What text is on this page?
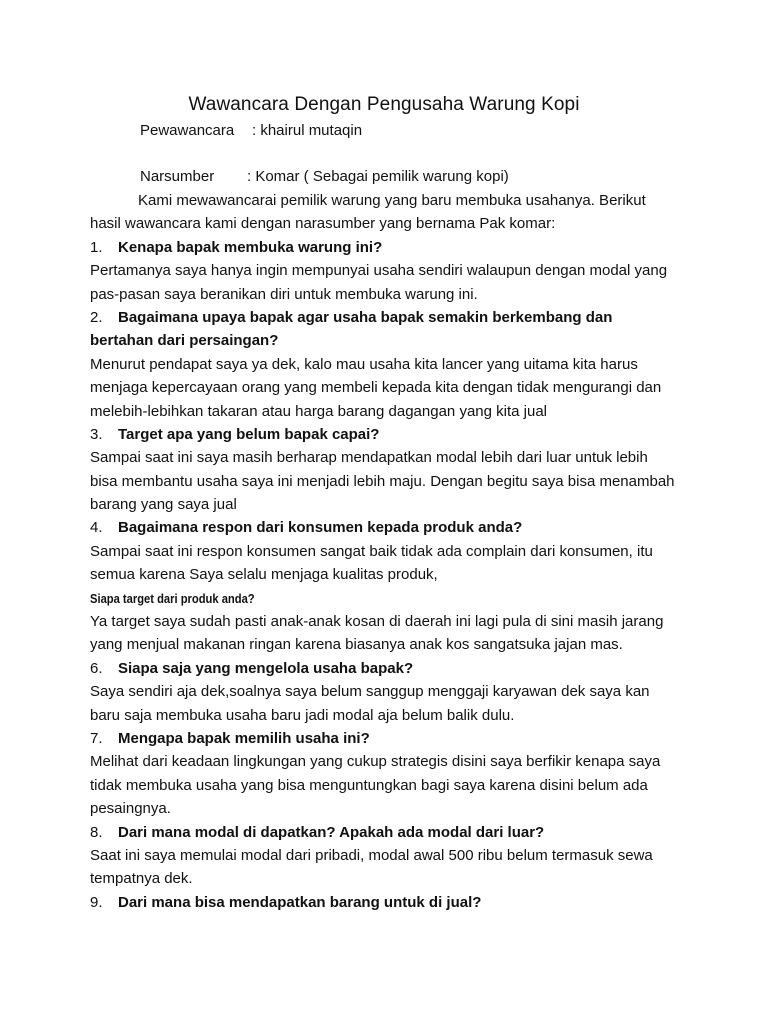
Wawancara Dengan Pengusaha Warung Kopi
Pewawancara : khairul mutaqin
Narsumber : Komar ( Sebagai pemilik warung kopi)
Kami mewawancarai pemilik warung yang baru membuka usahanya. Berikut
hasil wawancara kami dengan narasumber yang bernama Pak komar:
1. Kenapa bapak membuka warung ini?
Pertamanya saya hanya ingin mempunyai usaha sendiri walaupun dengan modal yang
pas-pasan saya beranikan diri untuk membuka warung ini.
2. Bagaimana upaya bapak agar usaha bapak semakin berkembang dan
bertahan dari persaingan?
Menurut pendapat saya ya dek, kalo mau usaha kita lancer yang uitama kita harus
menjaga kepercayaan orang yang membeli kepada kita dengan tidak mengurangi dan
melebih-lebihkan takaran atau harga barang dagangan yang kita jual
3. Target apa yang belum bapak capai?
Sampai saat ini saya masih berharap mendapatkan modal lebih dari luar untuk lebih
bisa membantu usaha saya ini menjadi lebih maju. Dengan begitu saya bisa menambah
barang yang saya jual
4. Bagaimana respon dari konsumen kepada produk anda?
Sampai saat ini respon konsumen sangat baik tidak ada complain dari konsumen, itu
semua karena Saya selalu menjaga kualitas produk,
Siapa target dari produk anda?
Ya target saya sudah pasti anak-anak kosan di daerah ini lagi pula di sini masih jarang
yang menjual makanan ringan karena biasanya anak kos sangatsuka jajan mas.
6. Siapa saja yang mengelola usaha bapak?
Saya sendiri aja dek,soalnya saya belum sanggup menggaji karyawan dek saya kan
baru saja membuka usaha baru jadi modal aja belum balik dulu.
7. Mengapa bapak memilih usaha ini?
Melihat dari keadaan lingkungan yang cukup strategis disini saya berfikir kenapa saya
tidak membuka usaha yang bisa menguntungkan bagi saya karena disini belum ada
pesaingnya.
8. Dari mana modal di dapatkan? Apakah ada modal dari luar?
Saat ini saya memulai modal dari pribadi, modal awal 500 ribu belum termasuk sewa
tempatnya dek.
9. Dari mana bisa mendapatkan barang untuk di jual?
